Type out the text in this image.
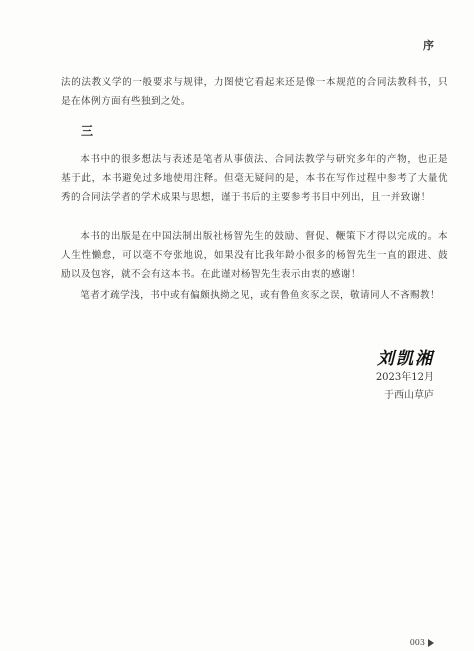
序
法的法教义学的一般要求与规律，力图使它看起来还是像一本规范的合同法教科书，只是在体例方面有些独到之处。
三
本书中的很多想法与表述是笔者从事债法、合同法教学与研究多年的产物，也正是基于此，本书避免过多地使用注释。但毫无疑问的是，本书在写作过程中参考了大量优秀的合同法学者的学术成果与思想，谨于书后的主要参考书目中列出，且一并致谢！
本书的出版是在中国法制出版社杨智先生的鼓励、督促、鞭策下才得以完成的。本人生性懒怠，可以毫不夸张地说，如果没有比我年龄小很多的杨智先生一直的跟进、鼓励以及包容，就不会有这本书。在此谨对杨智先生表示由衷的感谢！
笔者才疏学浅，书中或有偏颇执拗之见，或有鲁鱼亥豕之误，敬请同人不吝赐教！
刘凯湘
2023年12月
于西山草庐
003
